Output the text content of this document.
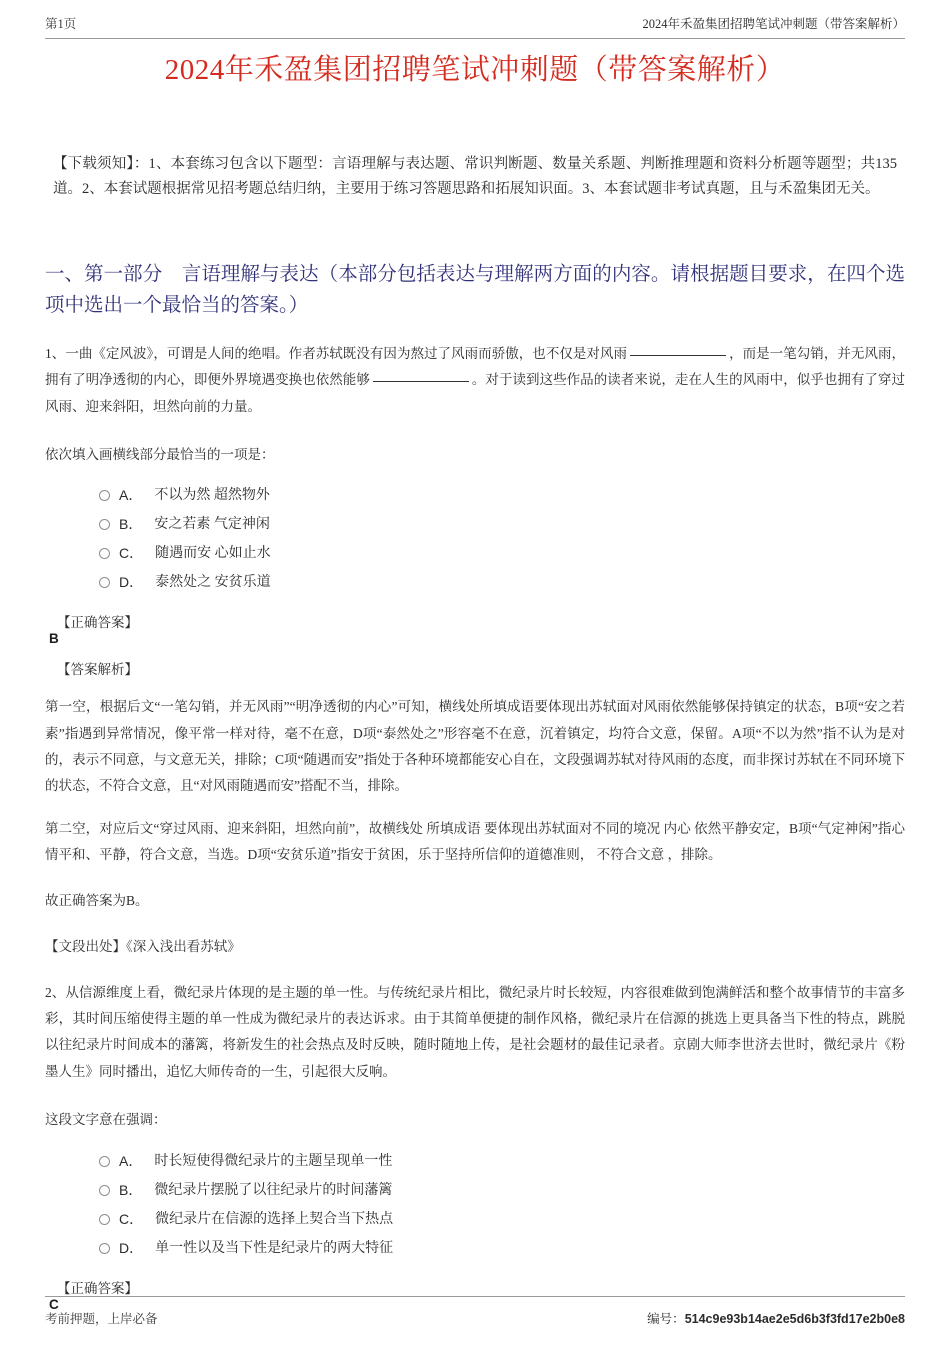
第1页	2024年禾盈集团招聘笔试冲刺题（带答案解析）
2024年禾盈集团招聘笔试冲刺题（带答案解析）

【下载须知】：1、本套练习包含以下题型：言语理解与表达题、常识判断题、数量关系题、判断推理题和资料分析题等题型；共135道。2、本套试题根据常见招考题总结归纳，主要用于练习答题思路和拓展知识面。3、本套试题非考试真题，且与禾盈集团无关。

一、第一部分　言语理解与表达（本部分包括表达与理解两方面的内容。请根据题目要求，在四个选项中选出一个最恰当的答案。）

1、一曲《定风波》，可谓是人间的绝唱。作者苏轼既没有因为熬过了风雨而骄傲，也不仅是对风雨	，而是一笔勾销，并无风雨，拥有了明净透彻的内心，即便外界境遇变换也依然能够	。对于读到这些作品的读者来说，走在人生的风雨中，似乎也拥有了穿过风雨、迎来斜阳，坦然向前的力量。

依次填入画横线部分最恰当的一项是：

A． 不以为然 超然物外
B． 安之若素 气定神闲
C． 随遇而安 心如止水
D． 泰然处之 安贫乐道
【正确答案】
B
【答案解析】

第一空，根据后文“一笔勾销，并无风雨”“明净透彻的内心”可知，横线处所填成语要体现出苏轼面对风雨依然能够保持镇定的状态，B项“安之若素”指遇到异常情况，像平常一样对待，毫不在意，D项“泰然处之”形容毫不在意，沉着镇定，均符合文意，保留。A项“不以为然”指不认为是对的，表示不同意，与文意无关，排除；C项“随遇而安”指处于各种环境都能安心自在，文段强调苏轼对待风雨的态度，而非探讨苏轼在不同环境下的状态，不符合文意，且“对风雨随遇而安”搭配不当，排除。

第二空，对应后文“穿过风雨、迎来斜阳，坦然向前”，故横线处 所填成语 要体现出苏轼面对不同的境况 内心 依然平静安定，B项“气定神闲”指心情平和、平静，符合文意，当选。D项“安贫乐道”指安于贫困，乐于坚持所信仰的道德准则， 不符合文意 ，排除。

故正确答案为B。

【文段出处】《深入浅出看苏轼》

2、从信源维度上看，微纪录片体现的是主题的单一性。与传统纪录片相比，微纪录片时长较短，内容很难做到饱满鲜活和整个故事情节的丰富多彩，其时间压缩使得主题的单一性成为微纪录片的表达诉求。由于其简单便捷的制作风格，微纪录片在信源的挑选上更具备当下性的特点，跳脱以往纪录片时间成本的藩篱，将新发生的社会热点及时反映，随时随地上传，是社会题材的最佳记录者。京剧大师李世济去世时，微纪录片《粉墨人生》同时播出，追忆大师传奇的一生，引起很大反响。

这段文字意在强调：

A． 时长短使得微纪录片的主题呈现单一性
B． 微纪录片摆脱了以往纪录片的时间藩篱
C． 微纪录片在信源的选择上契合当下热点
D． 单一性以及当下性是纪录片的两大特征
【正确答案】
C
考前押题，上岸必备	编号：514c9e93b14ae2e5d6b3f3fd17e2b0e8
